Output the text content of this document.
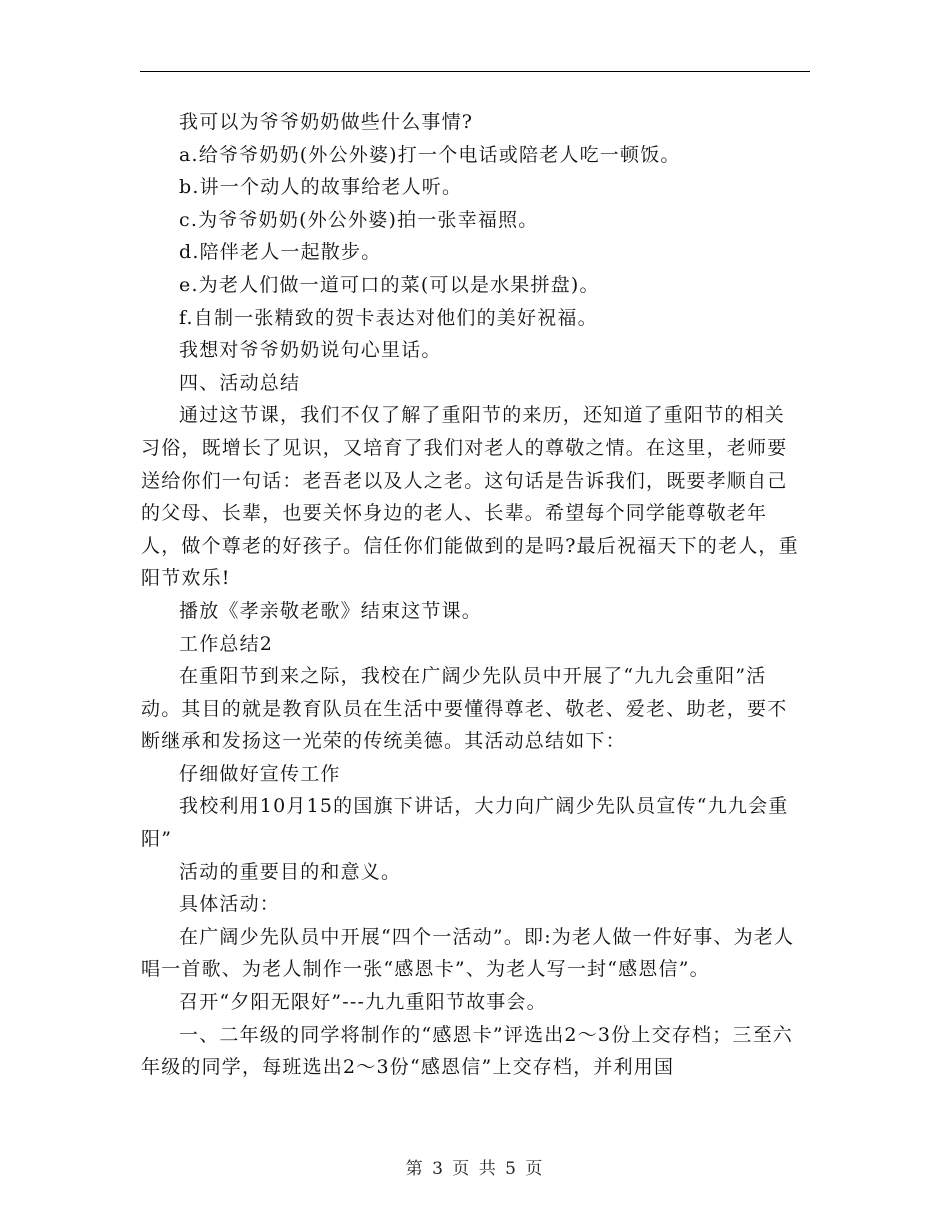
我可以为爷爷奶奶做些什么事情?

a.给爷爷奶奶(外公外婆)打一个电话或陪老人吃一顿饭。

b.讲一个动人的故事给老人听。

c.为爷爷奶奶(外公外婆)拍一张幸福照。

d.陪伴老人一起散步。

e.为老人们做一道可口的菜(可以是水果拼盘)。

f.自制一张精致的贺卡表达对他们的美好祝福。

我想对爷爷奶奶说句心里话。

四、活动总结

通过这节课，我们不仅了解了重阳节的来历，还知道了重阳节的相关习俗，既增长了见识，又培育了我们对老人的尊敬之情。在这里，老师要送给你们一句话：老吾老以及人之老。这句话是告诉我们，既要孝顺自己的父母、长辈，也要关怀身边的老人、长辈。希望每个同学能尊敬老年人，做个尊老的好孩子。信任你们能做到的是吗?最后祝福天下的老人，重阳节欢乐!

播放《孝亲敬老歌》结束这节课。

工作总结2

在重阳节到来之际，我校在广阔少先队员中开展了“九九会重阳”活动。其目的就是教育队员在生活中要懂得尊老、敬老、爱老、助老，要不断继承和发扬这一光荣的传统美德。其活动总结如下：

仔细做好宣传工作

我校利用10月15的国旗下讲话，大力向广阔少先队员宣传“九九会重阳”

活动的重要目的和意义。

具体活动：

在广阔少先队员中开展“四个一活动”。即:为老人做一件好事、为老人唱一首歌、为老人制作一张“感恩卡”、为老人写一封“感恩信”。

召开“夕阳无限好”---九九重阳节故事会。

一、二年级的同学将制作的“感恩卡”评选出2～3份上交存档；三至六年级的同学，每班选出2～3份“感恩信”上交存档，并利用国

第 3 页 共 5 页
